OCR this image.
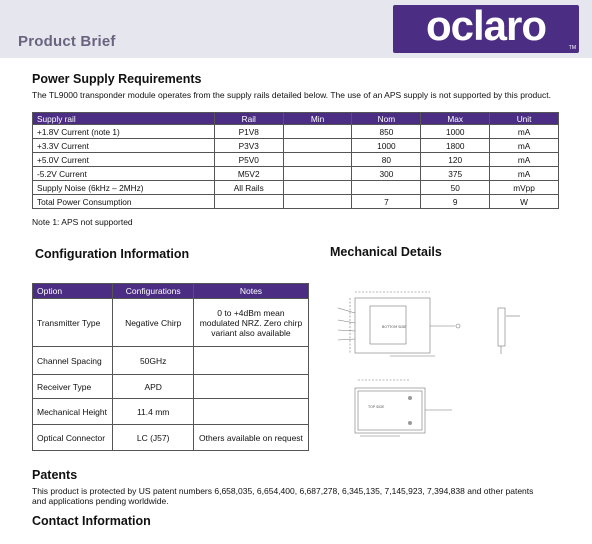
Product Brief	oclaro	TM
Power Supply Requirements
The TL9000 transponder module operates from the supply rails detailed below. The use of an APS supply is not supported by this product.
Supply rail	Rail	Min	Nom	Max	Unit
+1.8V Current (note 1)	P1V8		850	1000	mA
+3.3V Current	P3V3		1000	1800	mA
+5.0V Current	P5V0		80	120	mA
-5.2V Current	M5V2		300	375	mA
Supply Noise (6kHz – 2MHz)	All Rails			50	mVpp
Total Power Consumption			7	9	W
Note 1: APS not supported
Configuration Information
Option	Configurations	Notes
Transmitter Type	Negative Chirp	0 to +4dBm mean modulated NRZ. Zero chirp variant also available
Channel Spacing	50GHz	
Receiver Type	APD	
Mechanical Height	11.4 mm	
Optical Connector	LC (J57)	Others available on request
Mechanical Details
BOTTOM SIDE
TOP SIDE
Patents
This product is protected by US patent numbers 6,658,035, 6,654,400, 6,687,278, 6,345,135, 7,145,923, 7,394,838 and other patents and applications pending worldwide.
Contact Information
